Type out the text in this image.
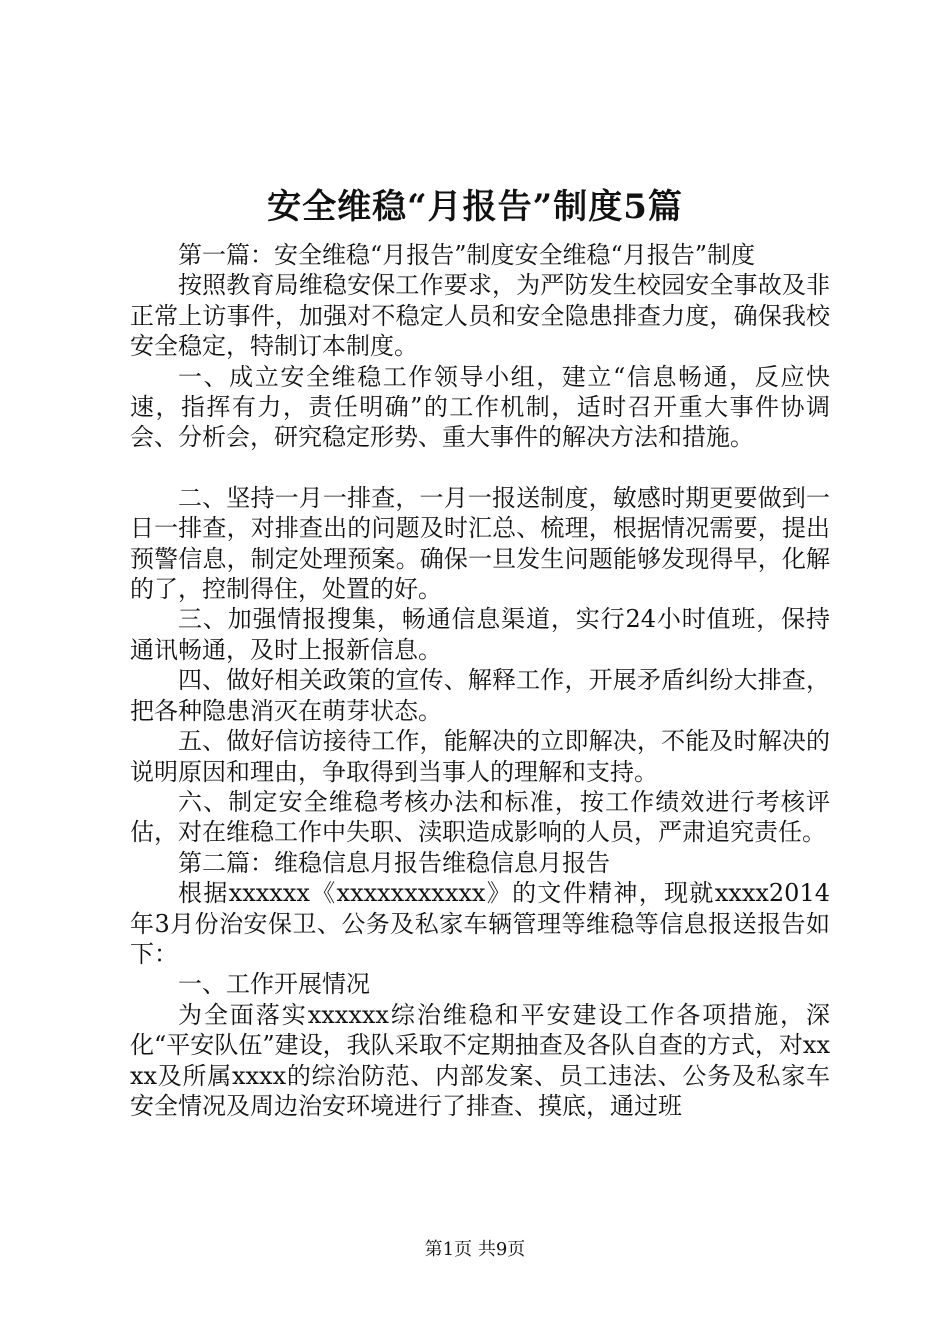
安全维稳“月报告”制度5篇

第一篇：安全维稳“月报告”制度安全维稳“月报告”制度

按照教育局维稳安保工作要求，为严防发生校园安全事故及非正常上访事件，加强对不稳定人员和安全隐患排查力度，确保我校安全稳定，特制订本制度。

一、成立安全维稳工作领导小组，建立“信息畅通，反应快速，指挥有力，责任明确”的工作机制，适时召开重大事件协调会、分析会，研究稳定形势、重大事件的解决方法和措施。

二、坚持一月一排查，一月一报送制度，敏感时期更要做到一日一排查，对排查出的问题及时汇总、梳理，根据情况需要，提出预警信息，制定处理预案。确保一旦发生问题能够发现得早，化解的了，控制得住，处置的好。

三、加强情报搜集，畅通信息渠道，实行24小时值班，保持通讯畅通，及时上报新信息。

四、做好相关政策的宣传、解释工作，开展矛盾纠纷大排查，把各种隐患消灭在萌芽状态。

五、做好信访接待工作，能解决的立即解决，不能及时解决的说明原因和理由，争取得到当事人的理解和支持。

六、制定安全维稳考核办法和标准，按工作绩效进行考核评估，对在维稳工作中失职、渎职造成影响的人员，严肃追究责任。

第二篇：维稳信息月报告维稳信息月报告

根据xxxxxx《xxxxxxxxxxx》的文件精神，现就xxxx2014年3月份治安保卫、公务及私家车辆管理等维稳等信息报送报告如下：

一、工作开展情况

为全面落实xxxxxx综治维稳和平安建设工作各项措施，深化“平安队伍”建设，我队采取不定期抽查及各队自查的方式，对xxxx及所属xxxx的综治防范、内部发案、员工违法、公务及私家车安全情况及周边治安环境进行了排查、摸底，通过班

第1页 共9页
